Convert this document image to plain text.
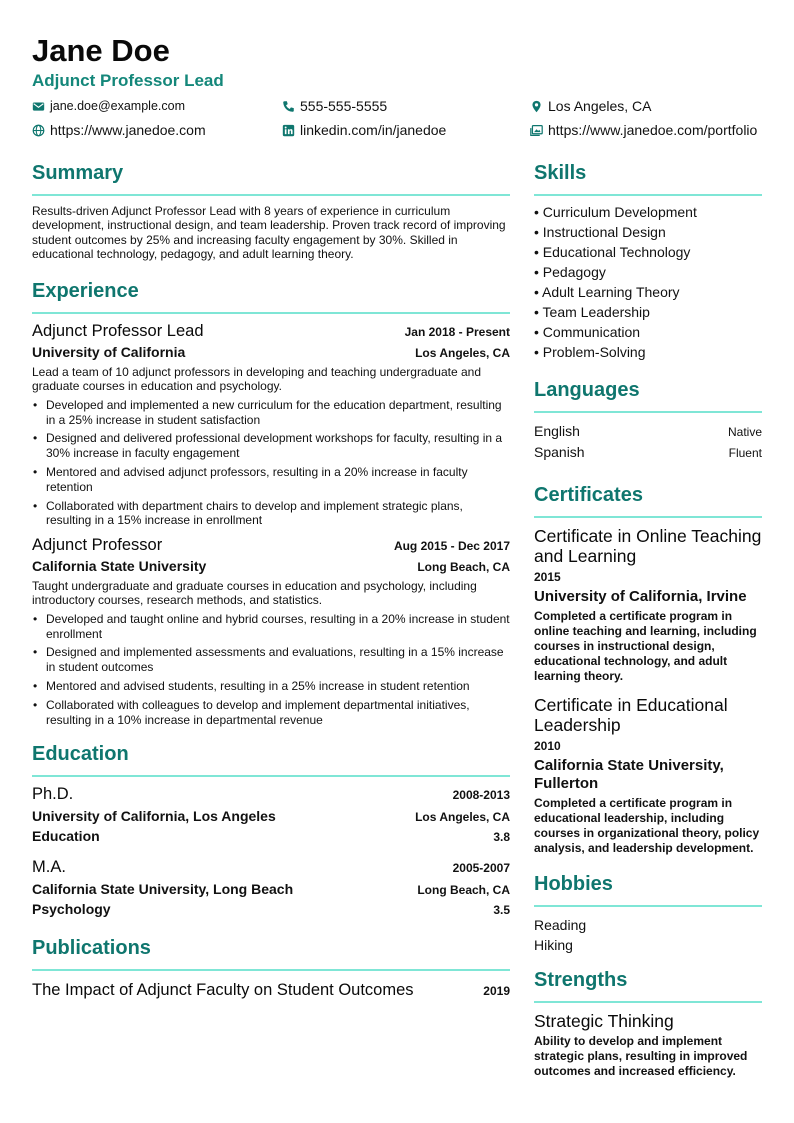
Jane Doe
Adjunct Professor Lead
jane.doe@example.com	555-555-5555	Los Angeles, CA
https://www.janedoe.com	linkedin.com/in/janedoe	https://www.janedoe.com/portfolio
Summary
Results-driven Adjunct Professor Lead with 8 years of experience in curriculum development, instructional design, and team leadership. Proven track record of improving student outcomes by 25% and increasing faculty engagement by 30%. Skilled in educational technology, pedagogy, and adult learning theory.
Experience
Adjunct Professor Lead	Jan 2018 - Present
University of California	Los Angeles, CA
Lead a team of 10 adjunct professors in developing and teaching undergraduate and graduate courses in education and psychology.
• Developed and implemented a new curriculum for the education department, resulting in a 25% increase in student satisfaction
• Designed and delivered professional development workshops for faculty, resulting in a 30% increase in faculty engagement
• Mentored and advised adjunct professors, resulting in a 20% increase in faculty retention
• Collaborated with department chairs to develop and implement strategic plans, resulting in a 15% increase in enrollment
Adjunct Professor	Aug 2015 - Dec 2017
California State University	Long Beach, CA
Taught undergraduate and graduate courses in education and psychology, including introductory courses, research methods, and statistics.
• Developed and taught online and hybrid courses, resulting in a 20% increase in student enrollment
• Designed and implemented assessments and evaluations, resulting in a 15% increase in student outcomes
• Mentored and advised students, resulting in a 25% increase in student retention
• Collaborated with colleagues to develop and implement departmental initiatives, resulting in a 10% increase in departmental revenue
Education
Ph.D.	2008-2013
University of California, Los Angeles	Los Angeles, CA
Education	3.8
M.A.	2005-2007
California State University, Long Beach	Long Beach, CA
Psychology	3.5
Publications
The Impact of Adjunct Faculty on Student Outcomes	2019
Skills
• Curriculum Development
• Instructional Design
• Educational Technology
• Pedagogy
• Adult Learning Theory
• Team Leadership
• Communication
• Problem-Solving
Languages
English	Native
Spanish	Fluent
Certificates
Certificate in Online Teaching and Learning
2015
University of California, Irvine
Completed a certificate program in online teaching and learning, including courses in instructional design, educational technology, and adult learning theory.
Certificate in Educational Leadership
2010
California State University, Fullerton
Completed a certificate program in educational leadership, including courses in organizational theory, policy analysis, and leadership development.
Hobbies
Reading
Hiking
Strengths
Strategic Thinking
Ability to develop and implement strategic plans, resulting in improved outcomes and increased efficiency.
